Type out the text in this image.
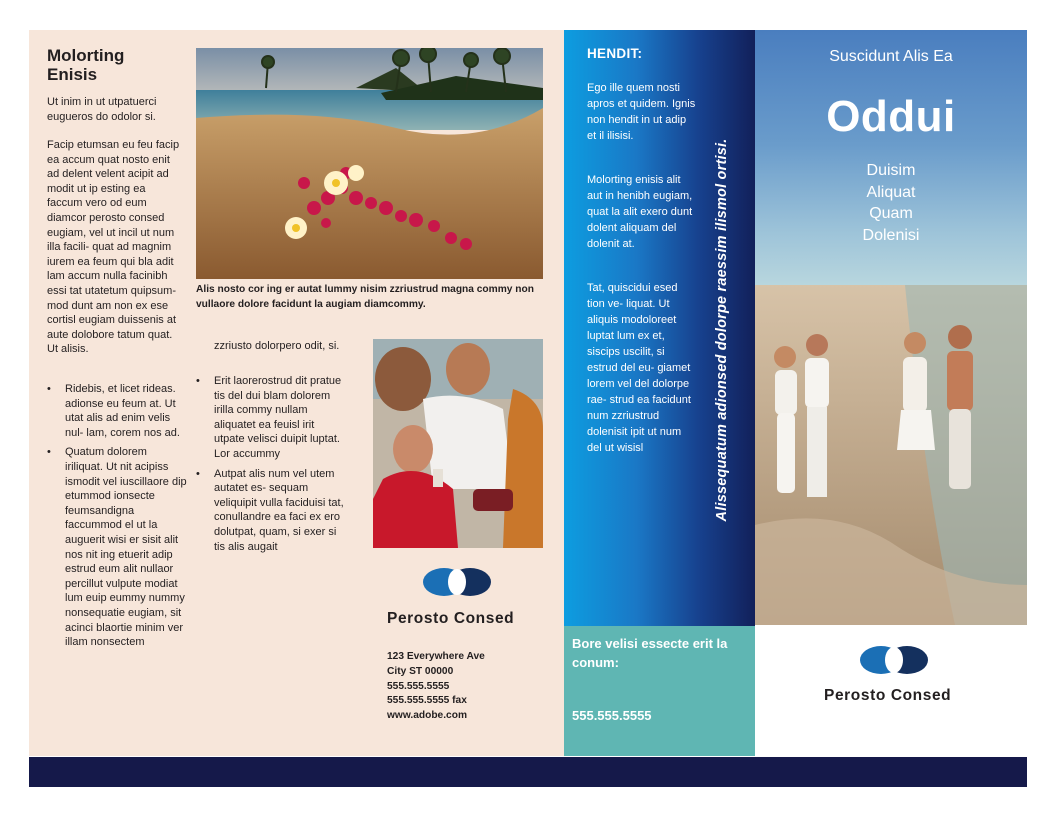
Molorting
Enisis

Ut inim in ut utpatuerci eugueros do odolor si.

Facip etumsan eu feu facip ea accum quat nosto enit ad delent velent acipit ad modit ut ip esting ea faccum vero od eum diamcor perosto consed eugiam, vel ut incil ut num illa facili- quat ad magnim iurem ea feum qui bla adit lam accum nulla facinibh essi tat utatetum quipsum- mod dunt am non ex ese cortisl eugiam duissenis at aute dolobore tatum quat. Ut alisis.

• Ridebis, et licet rideas. adionse eu feum at. Ut utat alis ad enim velis nul- lam, corem nos ad.
• Quatum dolorem iriliquat. Ut nit acipiss ismodit vel iuscillaore dip etummod ionsecte feumsandigna faccummod el ut la auguerit wisi er sisit alit nos nit ing etuerit adip estrud eum alit nullaor percillut vulpute modiat lum euip eummy nummy nonsequatie eugiam, sit acinci blaortie minim ver illam nonsectem
Alis nosto cor ing er autat lummy nisim zzriustrud magna commy non vullaore dolore facidunt la augiam diamcommy.

zzriusto dolorpero odit, si.

• Erit laorerostrud dit pratue tis del dui blam dolorem irilla commy nullam aliquatet ea feuisl irit utpate velisci duipit luptat. Lor accummy
• Autpat alis num vel utem autatet es- sequam veliquipit vulla faciduisi tat, conullandre ea faci ex ero dolutpat, quam, si exer si tis alis augait
Perosto Consed
123 Everywhere Ave
City ST 00000
555.555.5555
555.555.5555 fax
www.adobe.com
HENDIT:
Ego ille quem nosti apros et quidem. Ignis non hendit in ut adip et il ilisisi.
Molorting enisis alit aut in henibh eugiam, quat la alit exero dunt dolent aliquam del dolenit at.
Tat, quiscidui esed tion ve- liquat. Ut aliquis modoloreet luptat lum ex et, siscips uscilit, si estrud del eu- giamet lorem vel del dolorpe rae- strud ea facidunt num zzriustrud dolenisit ipit ut num del ut wisisl	Alissequatum adionsed dolorpe raessim ilismol ortisi.
Bore velisi essecte erit la conum:
555.555.5555
Suscidunt Alis Ea
Oddui
Duisim
Aliquat
Quam
Dolenisi
Perosto Consed
